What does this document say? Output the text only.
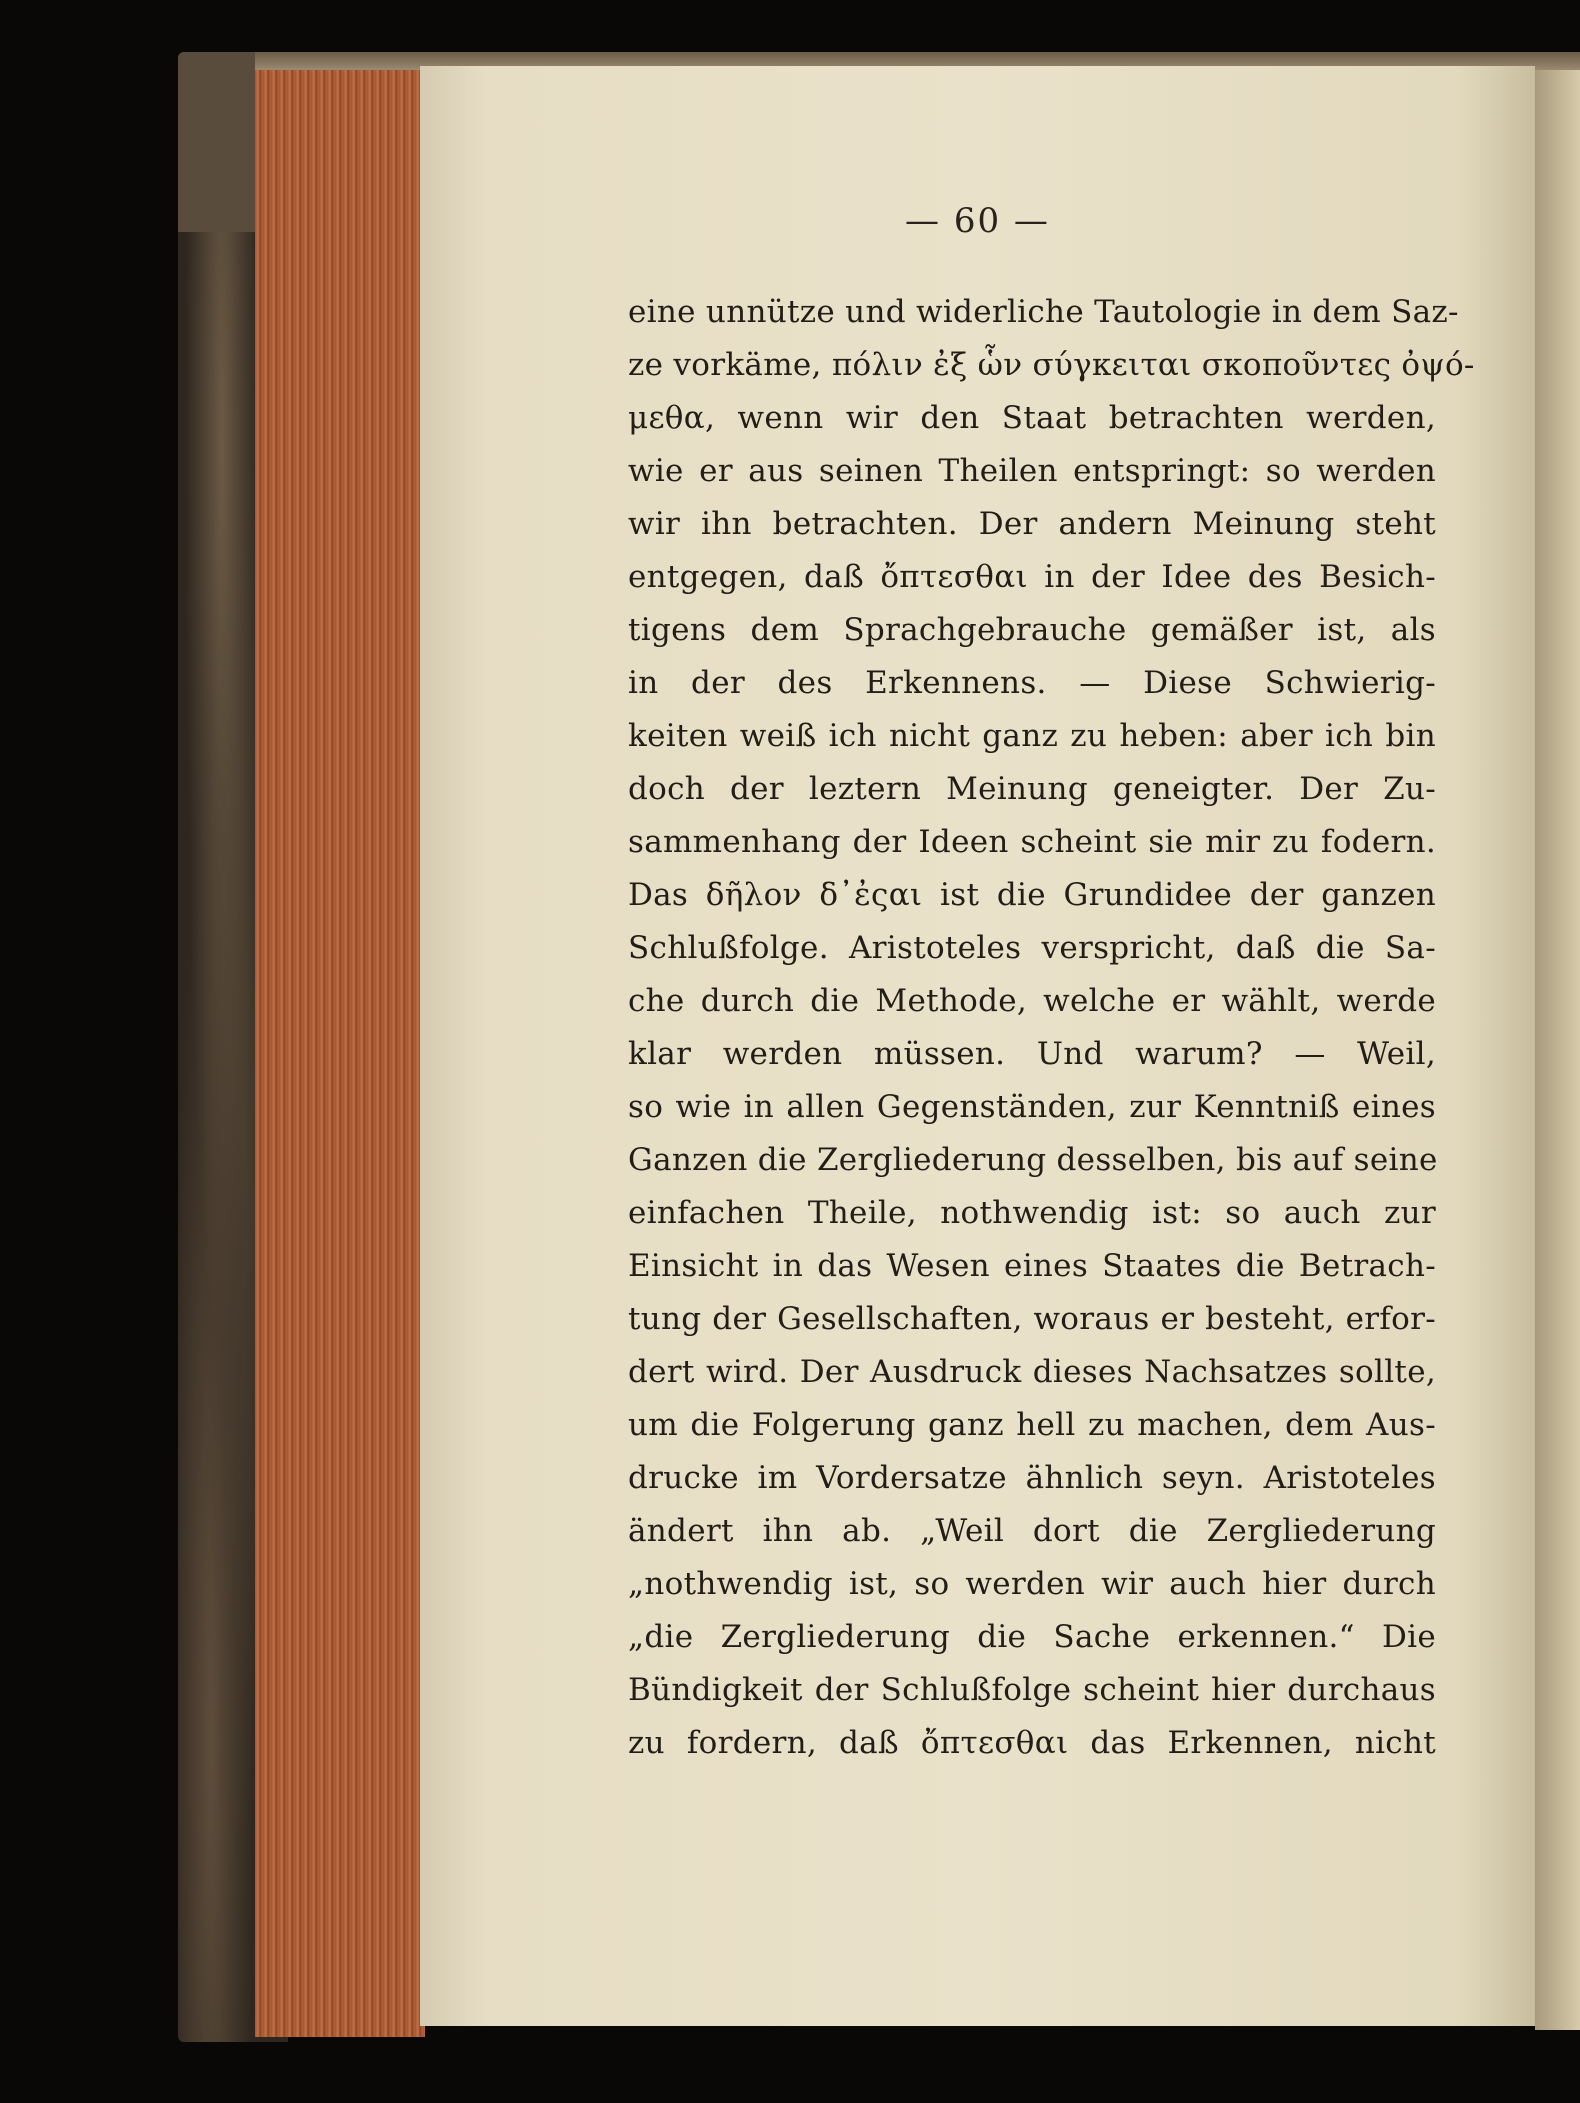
— 60 —
eine unnütze und widerliche Tautologie in dem Saz-
ze vorkäme, πόλιν ἐξ ὧν σύγκειται σκοποῦντες ὀψό-
μεθα, wenn wir den Staat betrachten werden,
wie er aus seinen Theilen entspringt: so werden
wir ihn betrachten. Der andern Meinung steht
entgegen, daß ὄπτεσθαι in der Idee des Besich-
tigens dem Sprachgebrauche gemäßer ist, als
in der des Erkennens. — Diese Schwierig-
keiten weiß ich nicht ganz zu heben: aber ich bin
doch der leztern Meinung geneigter. Der Zu-
sammenhang der Ideen scheint sie mir zu fodern.
Das δῆλον δ᾽ἐςαι ist die Grundidee der ganzen
Schlußfolge. Aristoteles verspricht, daß die Sa-
che durch die Methode, welche er wählt, werde
klar werden müssen. Und warum? — Weil,
so wie in allen Gegenständen, zur Kenntniß eines
Ganzen die Zergliederung desselben, bis auf seine
einfachen Theile, nothwendig ist: so auch zur
Einsicht in das Wesen eines Staates die Betrach-
tung der Gesellschaften, woraus er besteht, erfor-
dert wird. Der Ausdruck dieses Nachsatzes sollte,
um die Folgerung ganz hell zu machen, dem Aus-
drucke im Vordersatze ähnlich seyn. Aristoteles
ändert ihn ab. „Weil dort die Zergliederung
„nothwendig ist, so werden wir auch hier durch
„die Zergliederung die Sache erkennen.“ Die
Bündigkeit der Schlußfolge scheint hier durchaus
zu fordern, daß ὄπτεσθαι das Erkennen, nicht
